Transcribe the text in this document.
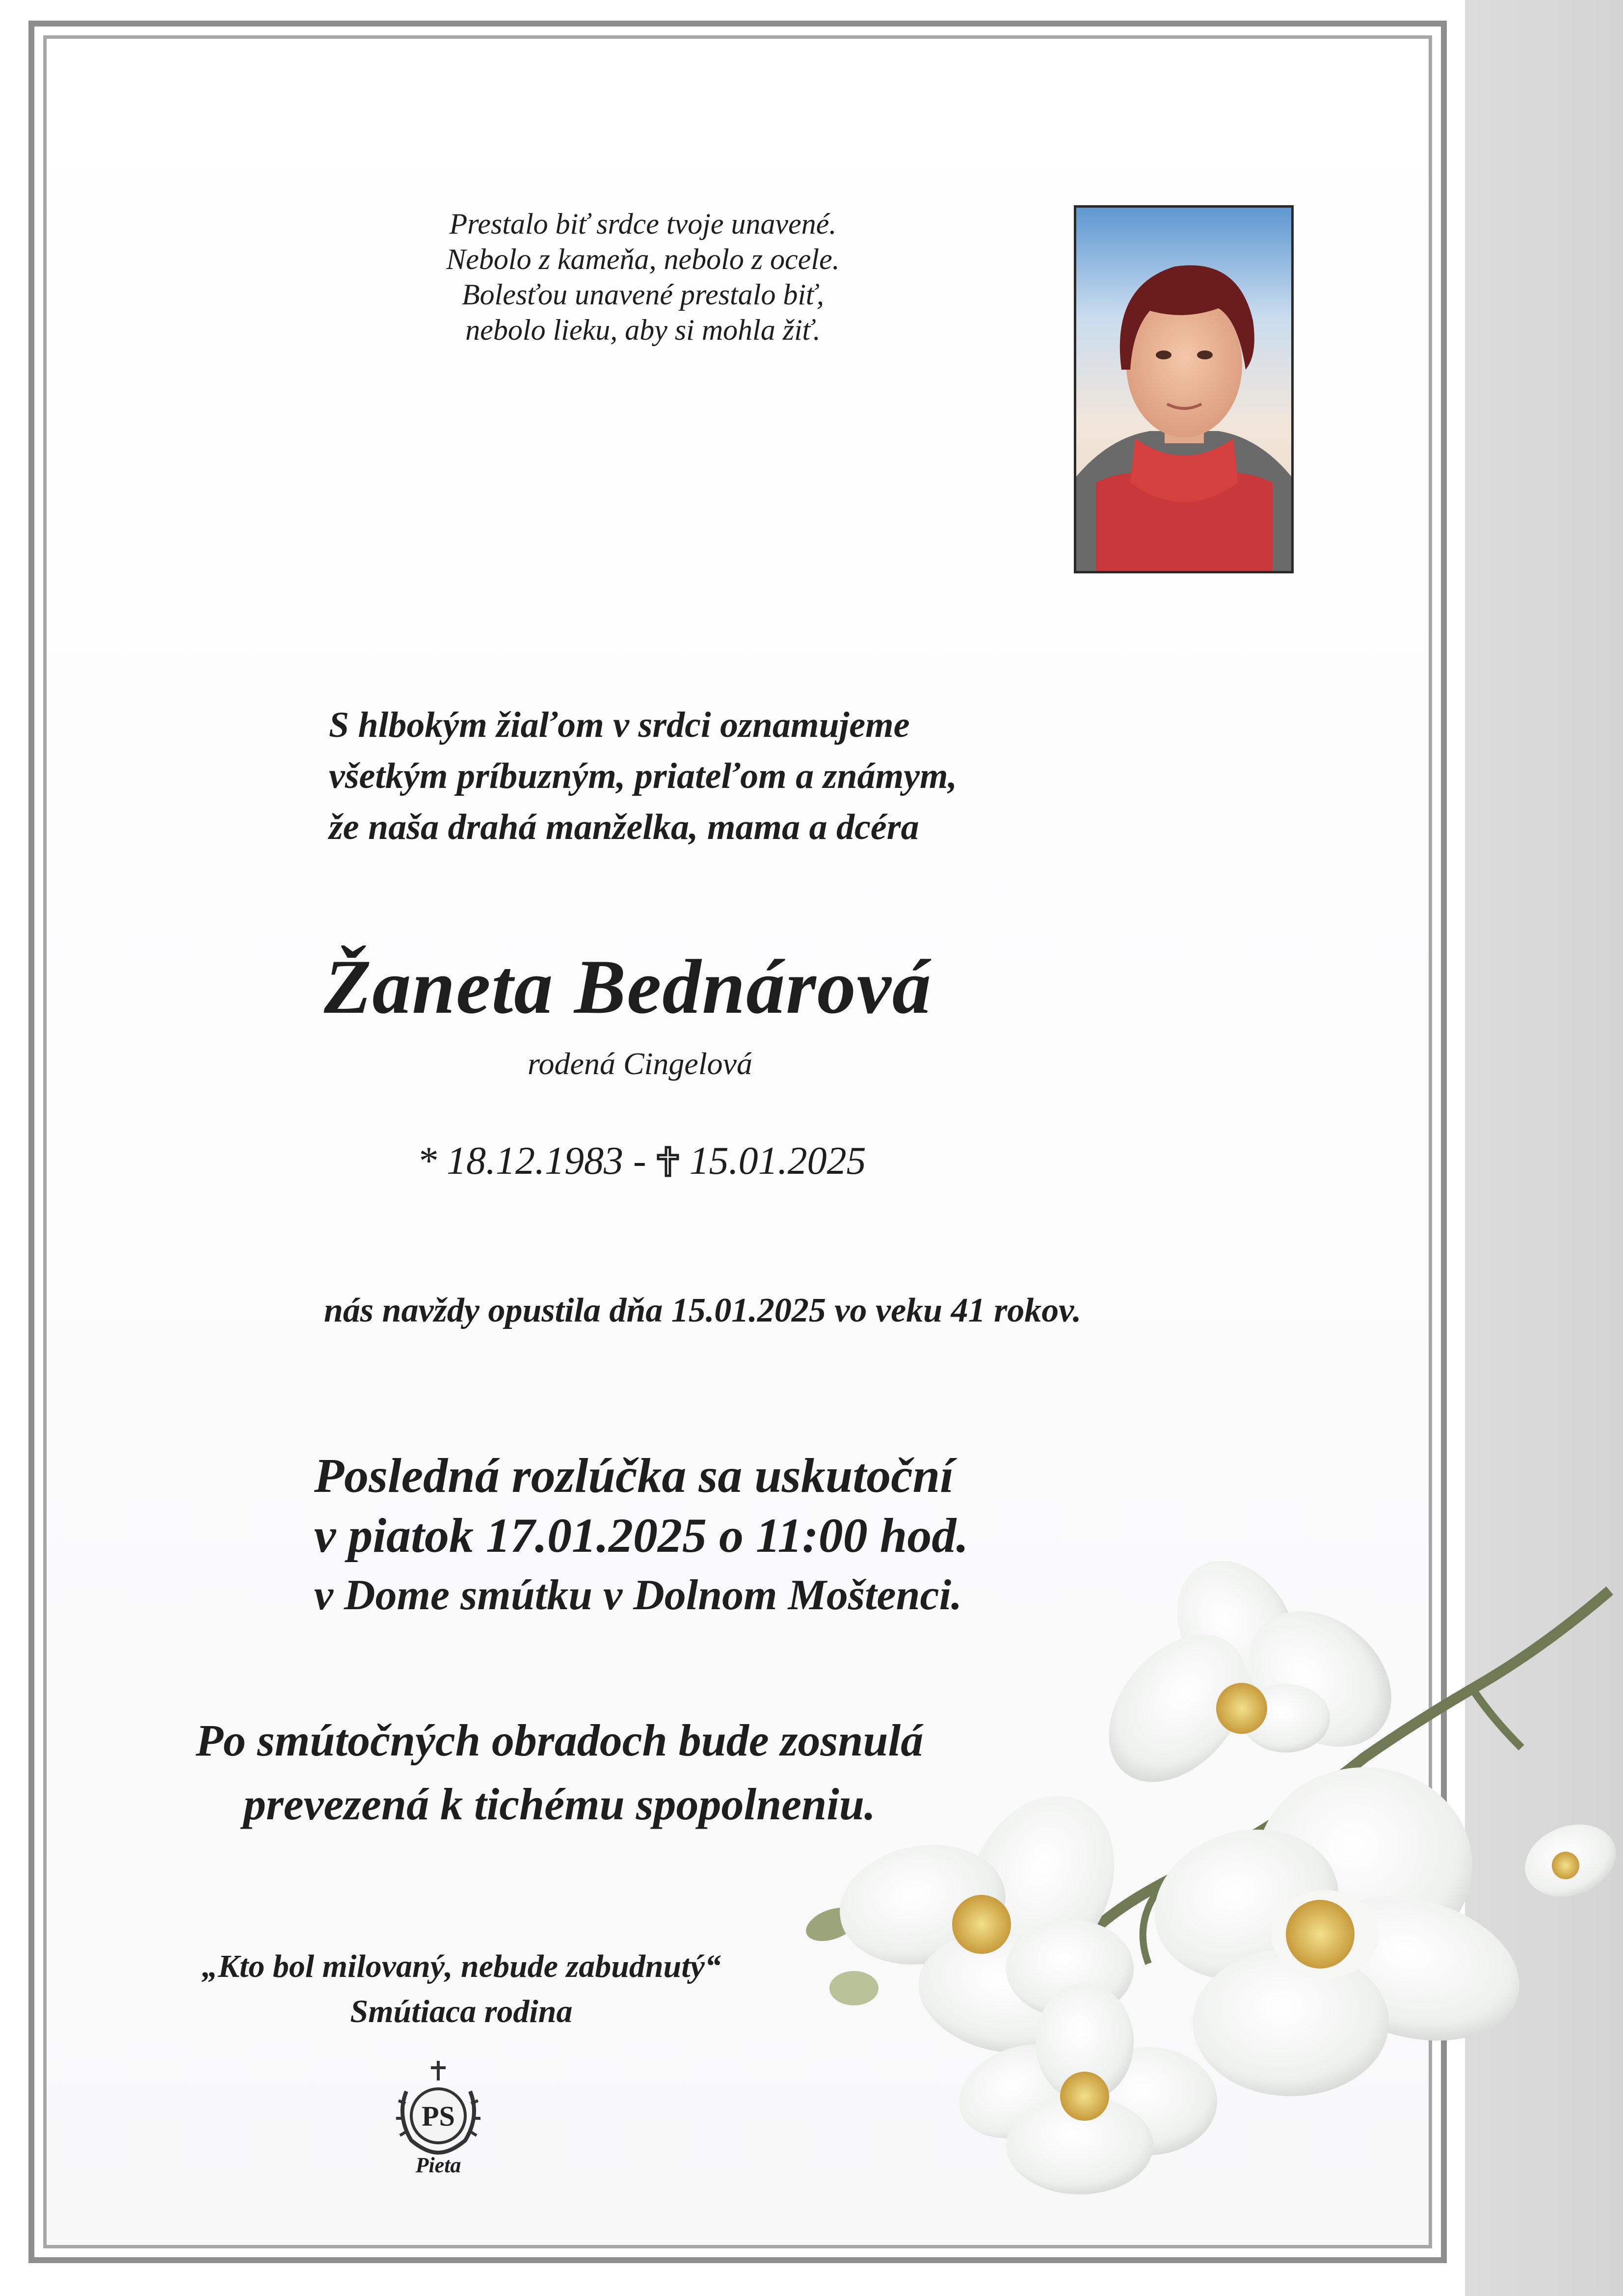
Prestalo biť srdce tvoje unavené.
Nebolo z kameňa, nebolo z ocele.
Bolesťou unavené prestalo biť,
nebolo lieku, aby si mohla žiť.
S hlbokým žiaľom v srdci oznamujeme
všetkým príbuzným, priateľom a známym,
že naša drahá manželka, mama a dcéra
Žaneta Bednárová
rodená Cingelová
* 18.12.1983 - 15.01.2025
nás navždy opustila dňa 15.01.2025 vo veku 41 rokov.
Posledná rozlúčka sa uskutoční
v piatok 17.01.2025 o 11:00 hod.
v Dome smútku v Dolnom Moštenci.
Po smútočných obradoch bude zosnulá
prevezená k tichému spopolneniu.
„Kto bol milovaný, nebude zabudnutý“
Smútiaca rodina
PS
Pieta
